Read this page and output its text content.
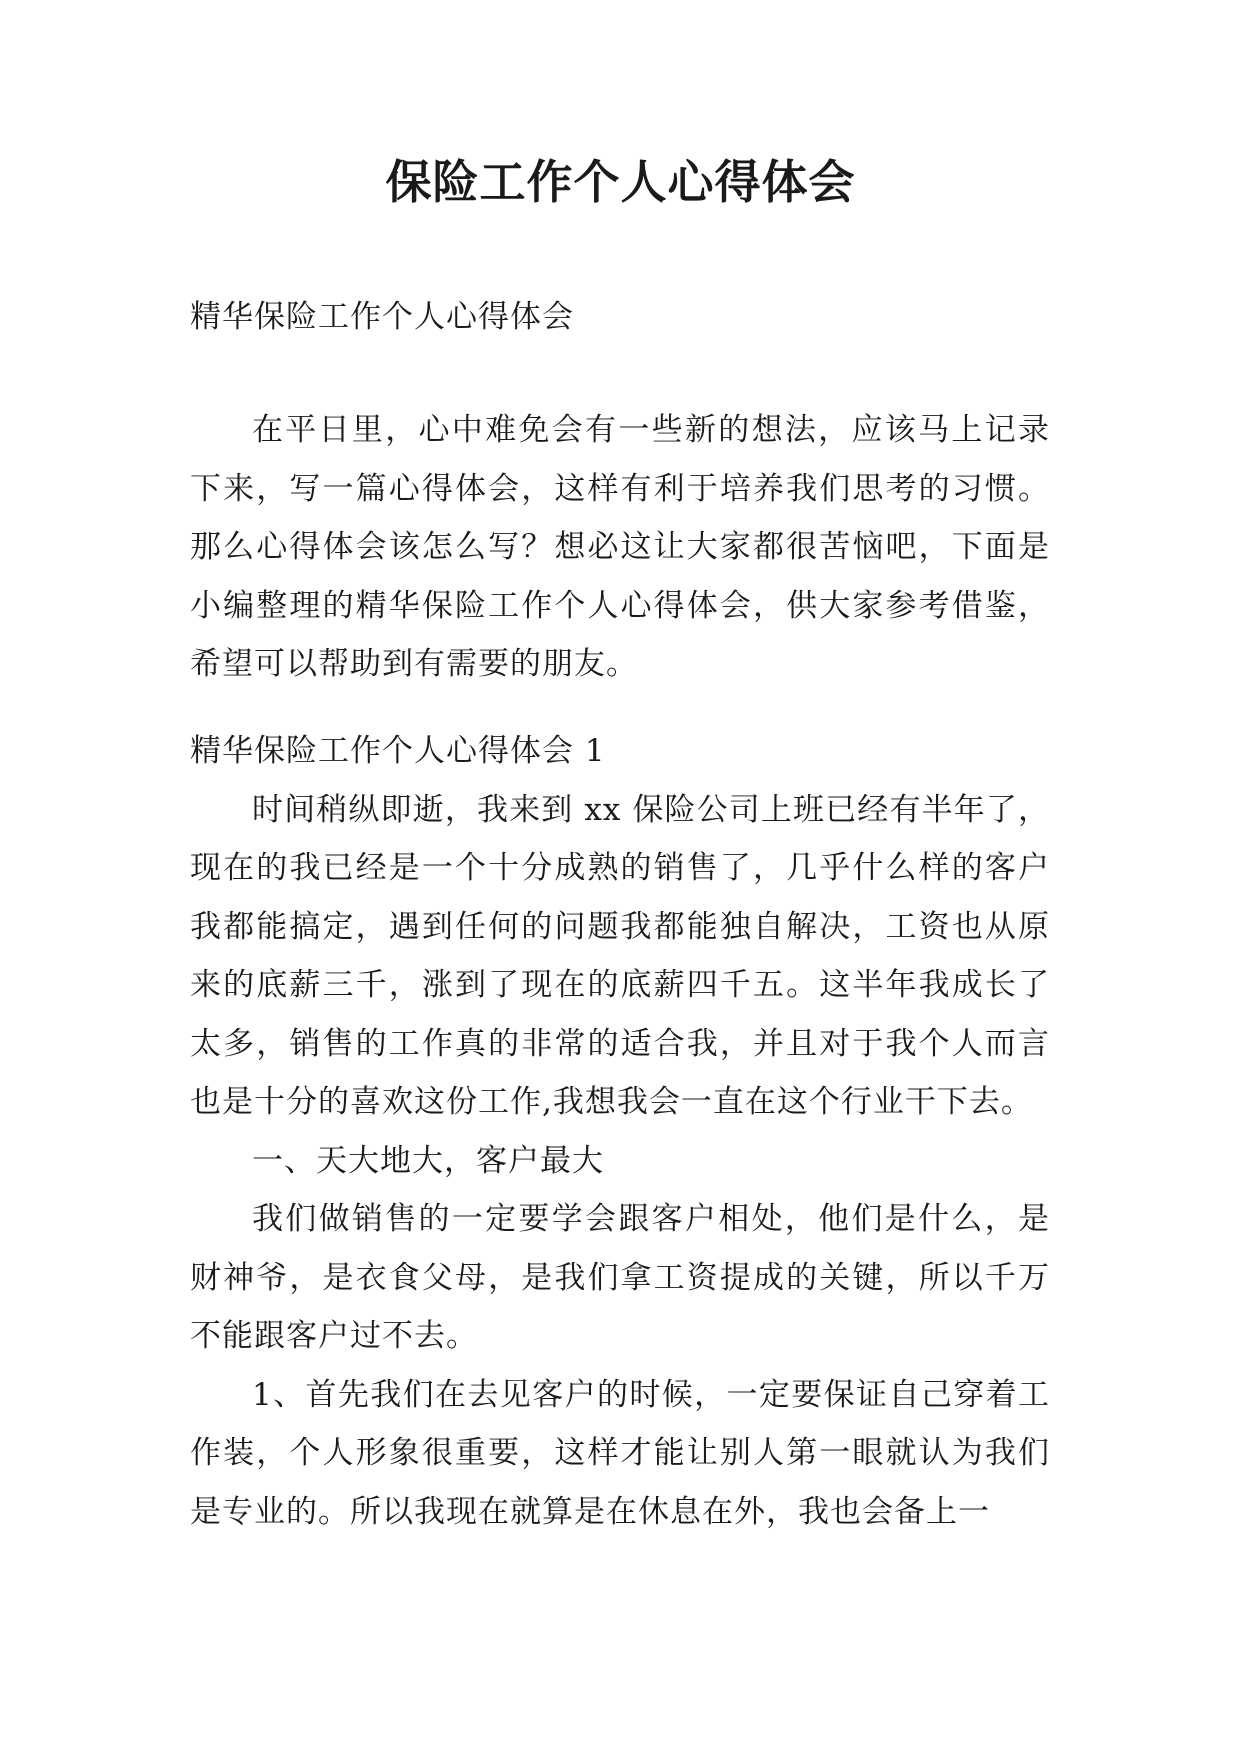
保险工作个人心得体会

精华保险工作个人心得体会

在平日里，心中难免会有一些新的想法，应该马上记录下来，写一篇心得体会，这样有利于培养我们思考的习惯。那么心得体会该怎么写？想必这让大家都很苦恼吧，下面是小编整理的精华保险工作个人心得体会，供大家参考借鉴，希望可以帮助到有需要的朋友。

精华保险工作个人心得体会 1

时间稍纵即逝，我来到 xx 保险公司上班已经有半年了，现在的我已经是一个十分成熟的销售了，几乎什么样的客户我都能搞定，遇到任何的问题我都能独自解决，工资也从原来的底薪三千，涨到了现在的底薪四千五。这半年我成长了太多，销售的工作真的非常的适合我，并且对于我个人而言也是十分的喜欢这份工作,我想我会一直在这个行业干下去。

一、天大地大，客户最大

我们做销售的一定要学会跟客户相处，他们是什么，是财神爷，是衣食父母，是我们拿工资提成的关键，所以千万不能跟客户过不去。

1、首先我们在去见客户的时候，一定要保证自己穿着工作装，个人形象很重要，这样才能让别人第一眼就认为我们是专业的。所以我现在就算是在休息在外，我也会备上一
